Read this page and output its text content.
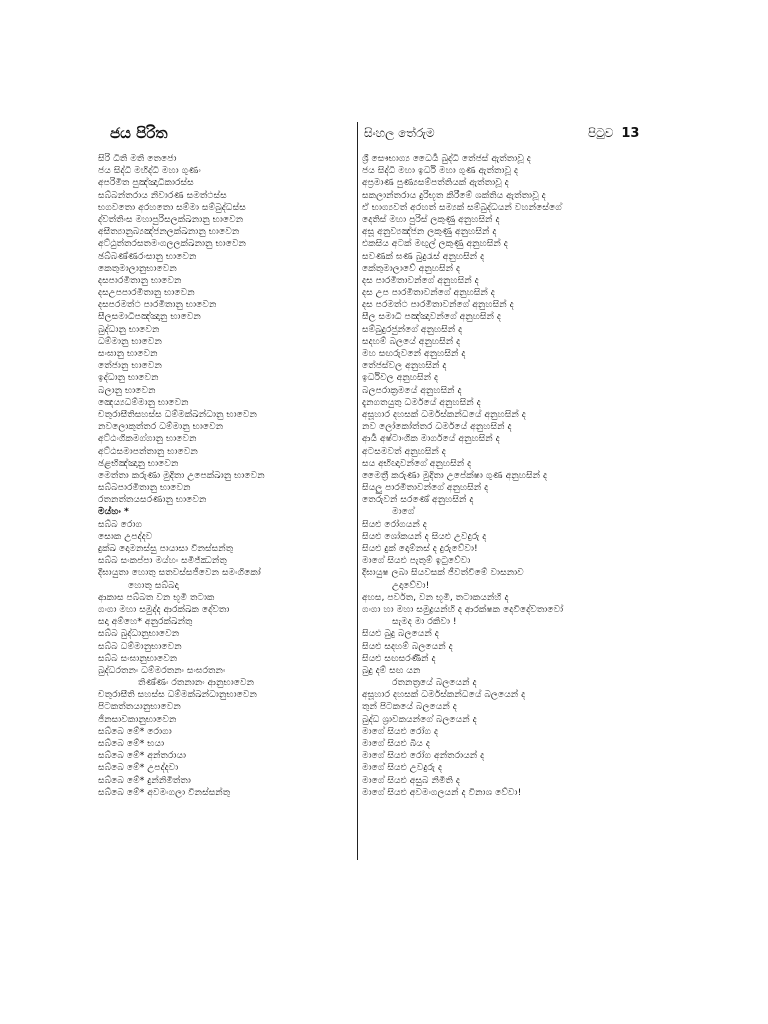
ජය පිරිත	සිංහල තේරුම	පිටුව 13
සිරි ධිති මති තෙජො
ජය සිද්ධි මහිද්ධි මහා ගුණං
අපරිමිත පුඤ්ඤාධිකාරස්ස
සබ්බන්තරාය නිවාරණ සමත්ථස්ස
භගවතො අරහතො සම්මා සම්බුද්ධස්ස
ද්වත්තිංස මහාපුරිසලක්ඛනානු භාවෙන
අසීත්‍යානුබ්‍යඤ්ජනලක්ඛනානු භාවෙන
අට්ඨුත්තරසතමංගලලක්ඛනානු භාවෙන
ඡබ්බණ්ණරංසානු භාවෙන
කෙතුමාලානුභාවෙන
දසපාරමිතානු භාවෙන
දසඋපපාරමිතානු භාවෙන
දසපරමත්ථ පාරමිතානු භාවෙන
සීලසමාධිපඤ්ඤානු භාවෙන
බුද්ධානු භාවෙන
ධම්මානු භාවෙන
සංඝානු භාවෙන
තේජානු භාවෙන
ඉද්ධානු භාවෙන
බලානු භාවෙන
ඤෙය්‍යධම්මානු භාවෙන
චතුරාසීතිසහස්ස ධම්මක්ඛන්ධානු භාවෙන
නවලොකුත්තර ධම්මානු භාවෙන
අට්ඨංගිකමග්ගානු භාවෙන
අට්ඨසමාපත්තානු භාවෙන
ඡළභිඤ්ඤානු භාවෙන
මෙත්තා කරුණා මුදිතා උපෙක්ඛානු භාවෙන
සබ්බපාරමිතානු භාවෙන
රතනත්තයසරණානු භාවෙන
මය්හං *
සබ්බ රොග
සොක උපද්දව
දුක්ඛ දොමනස්සු පායාසා විනස්සන්තු
සබ්බ සංකප්පා මය්හං සමිජ්ඣන්තු
දීඝායුතා හොතු සතවස්සජීවෙන සමංගිකෝ
හොතු සබ්බදා
ආකාස පබ්බත වන භූමි තටාක
ගංගා මහා සමුද්ද ආරක්ඛක දේවතා
සදා අම්හෙ* අනුරක්ඛන්තු
සබ්බ බුද්ධානුභාවෙන
සබ්බ ධම්මානුභාවෙන
සබ්බ සංඝානුභාවෙන
බුද්ධරතනං ධම්මරතනං සංඝරතනං
තිණ්ණං රතනානං ආනුභාවෙන
චතුරාසීති සහස්ස ධම්මක්ඛන්ධානුභාවෙන
පිටකත්තයානුභාවෙන
ජිනසාවකානුභාවෙන
සබ්බෙ මේ* රොගා
සබ්බෙ මේ* භයා
සබ්බෙ මේ* අන්තරායා
සබ්බෙ මේ* උපද්දවා
සබ්බෙ මේ* දුන්නිමිත්තා
සබ්බෙ මේ* අවමංගලා විනස්සන්තු
ශ්‍රී සෞභාග්‍ය ධෛර්‍ය බුද්ධි තේජස් ඇත්තාවූ ද
ජය සිද්ධි මහා ඉර්ධි මහා ගුණ ඇත්තාවූ ද
අප්‍රමාණ පුණ්‍යසම්පත්තියක් ඇත්තාවූ ද
සකලාන්තරාය දුරිභූත කිරීමේ ශක්තිය ඇත්තාවූ ද
ඒ භාග්‍යවත් අරහත් සම්‍යක් සම්බුද්ධයන් වහන්සේගේ
දෙතිස් මහා පුරිස් ලකුණු අනුහසින් ද
අසූ අනුව්‍යඤ්ජන ලකුණු අනුහසින් ද
එකසිය අටක් මඟුල් ලකුණු අනුහසින් ද
සවණක් ඝණ බුදුරැස් අනුහසින් ද
කේතුමාලාවේ අනුහසින් ද
දස පාරමිතාවන්ගේ අනුහසින් ද
දස උප පාරමිතාවන්ගේ අනුහසින් ද
දස පරමත්ථ පාරමිතාවන්ගේ අනුහසින් ද
සීල සමාධි පඤ්ඤාවන්ගේ අනුහසින් ද
සම්බුදුරජුන්ගේ අනුහසින් ද
සදහම් බලයේ අනුහසින් ද
මහ සඟරුවනේ අනුහසින් ද
තේජස්වල අනුහසින් ද
ඉර්ධිවල අනුහසින් ද
බලපරාක්‍රමයේ අනුහසින් ද
දැනගතයුතු ධර්මයේ අනුහසින් ද
අසූහාර දහසක් ධර්මස්කන්ධයේ අනුහසින් ද
නව ලෝකෝත්තර ධර්මයේ අනුහසින් ද
ආර්‍ය අෂ්ටාංගික මාර්ගයේ අනුහසින් ද
අටසමවත් අනුහසින් ද
සය අභිඥාවන්ගේ අනුහසින් ද
මෛත්‍රී කරුණා මුදිතා උපේක්ෂා ගුණ අනුහසින් ද
සියලු පාරමිතාවන්ගේ අනුහසින් ද
තෙරුවන් සරණේ අනුහසින් ද
මාගේ
සියළු රෝගයන් ද
සියළු ශෝකයන් ද සියළු උවදුරු ද
සියළු දුක් දොම්නස් ද දුරුවේවා!
මාගේ සියළු පැතුම් ඉටුවේවා
දීඝායුෂ ලබා සියවසක් ජීවත්වීමේ වාසනාව
උදාවේවා!
අහස, පර්වත, වන භූමි, තටාකයන්හි ද
ගංගා හා මහා සමුද්‍රයන්හි ද ආරක්ෂක දෙවිදේවතාවෝ
සැමද මා රකිවා !
සියළු බුදු බලයෙන් ද
සියළු සදහම් බලයෙන් ද
සියළු සඟසරණින් ද
බුදු දම් සඟ යන
රතනත්‍රයේ බලයෙන් ද
අසූහාර දහසක් ධර්මස්කන්ධයේ බලයෙන් ද
තුන් පිටකයේ බලයෙන් ද
බුද්ධ ශ්‍රාවකයන්ගේ බලයෙන් ද
මාගේ සියළු රෝග ද
මාගේ සියළු බිය ද
මාගේ සියළු රෝග අන්තරායන් ද
මාගේ සියළු උවදුරු ද
මාගේ සියළු අසුබ නිමිති ද
මාගේ සියළු අවමංගලයන් ද විනාශ වේවා!
